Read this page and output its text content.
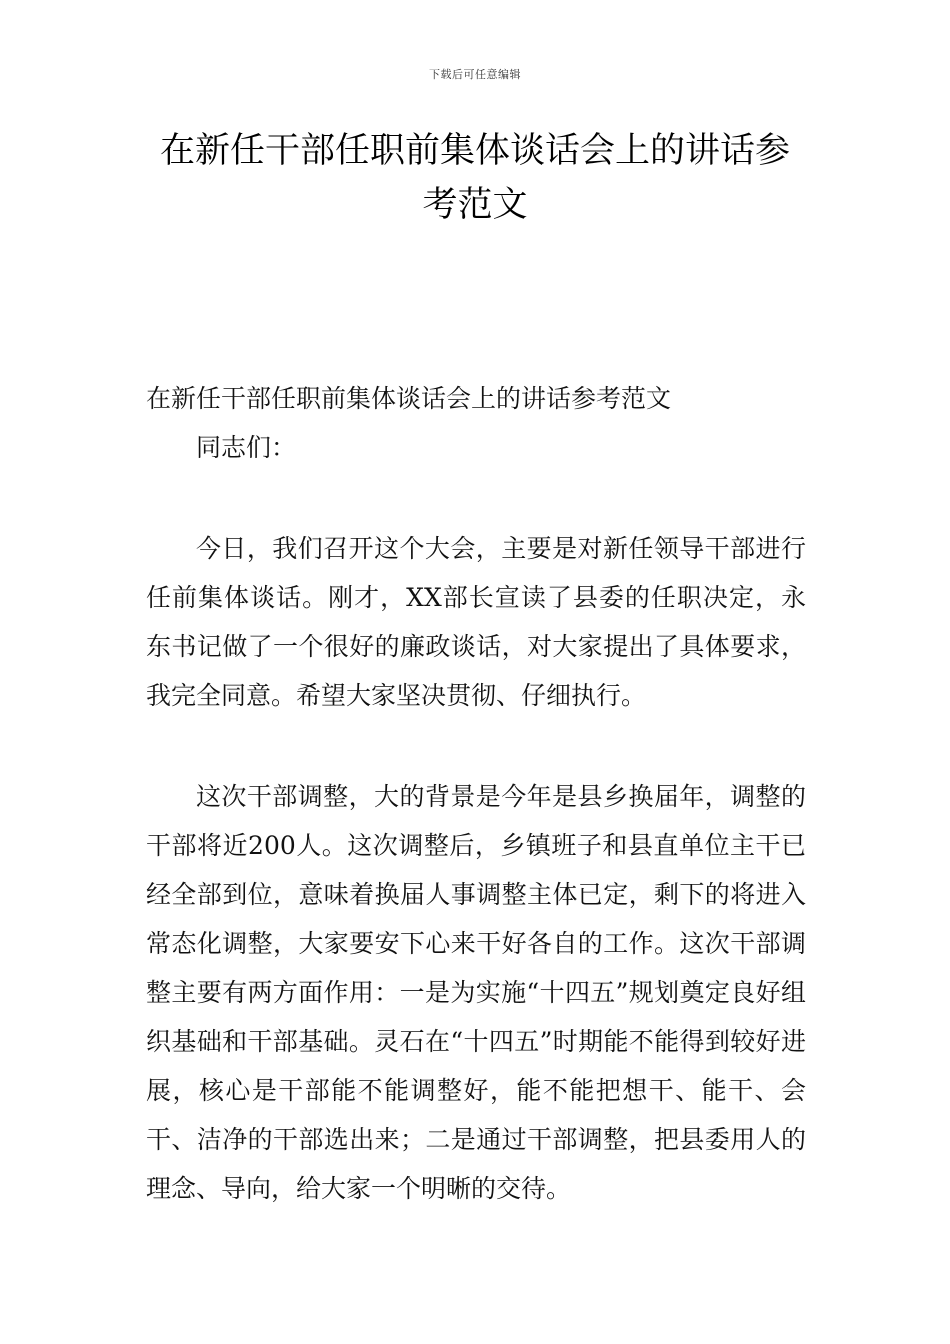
下载后可任意编辑
在新任干部任职前集体谈话会上的讲话参考范文

在新任干部任职前集体谈话会上的讲话参考范文

同志们：

今日，我们召开这个大会，主要是对新任领导干部进行任前集体谈话。刚才，XX部长宣读了县委的任职决定，永东书记做了一个很好的廉政谈话，对大家提出了具体要求，我完全同意。希望大家坚决贯彻、仔细执行。

这次干部调整，大的背景是今年是县乡换届年，调整的干部将近200人。这次调整后，乡镇班子和县直单位主干已经全部到位，意味着换届人事调整主体已定，剩下的将进入常态化调整，大家要安下心来干好各自的工作。这次干部调整主要有两方面作用：一是为实施“十四五”规划奠定良好组织基础和干部基础。灵石在“十四五”时期能不能得到较好进展，核心是干部能不能调整好，能不能把想干、能干、会干、洁净的干部选出来；二是通过干部调整，把县委用人的理念、导向，给大家一个明晰的交待。
